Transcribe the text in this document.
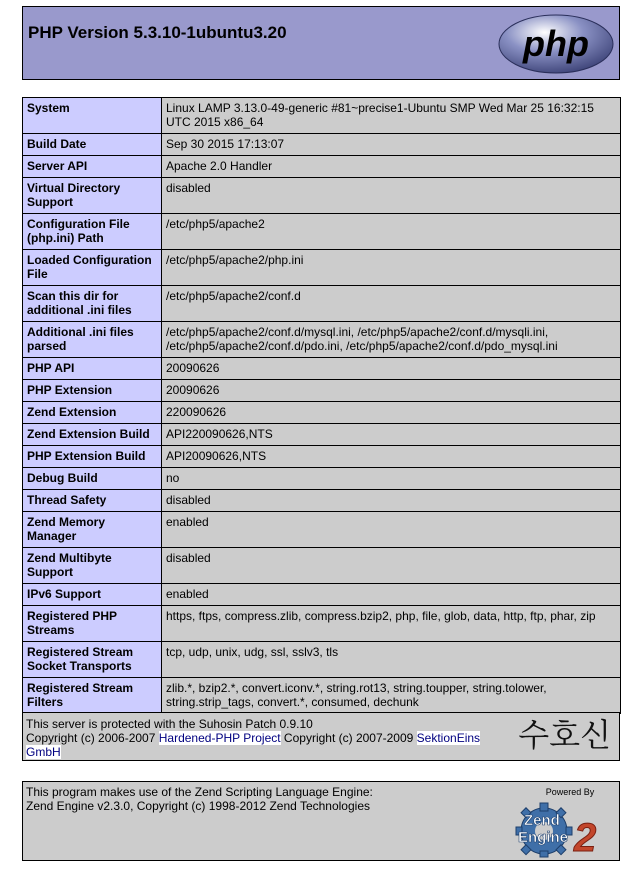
PHP Version 5.3.10-1ubuntu3.20	php
System	Linux LAMP 3.13.0-49-generic #81~precise1-Ubuntu SMP Wed Mar 25 16:32:15 UTC 2015 x86_64
Build Date	Sep 30 2015 17:13:07
Server API	Apache 2.0 Handler
Virtual Directory Support	disabled
Configuration File (php.ini) Path	/etc/php5/apache2
Loaded Configuration File	/etc/php5/apache2/php.ini
Scan this dir for additional .ini files	/etc/php5/apache2/conf.d
Additional .ini files parsed	/etc/php5/apache2/conf.d/mysql.ini, /etc/php5/apache2/conf.d/mysqli.ini, /etc/php5/apache2/conf.d/pdo.ini, /etc/php5/apache2/conf.d/pdo_mysql.ini
PHP API	20090626
PHP Extension	20090626
Zend Extension	220090626
Zend Extension Build	API220090626,NTS
PHP Extension Build	API20090626,NTS
Debug Build	no
Thread Safety	disabled
Zend Memory Manager	enabled
Zend Multibyte Support	disabled
IPv6 Support	enabled
Registered PHP Streams	https, ftps, compress.zlib, compress.bzip2, php, file, glob, data, http, ftp, phar, zip
Registered Stream Socket Transports	tcp, udp, unix, udg, ssl, sslv3, tls
Registered Stream Filters	zlib.*, bzip2.*, convert.iconv.*, string.rot13, string.toupper, string.tolower, string.strip_tags, convert.*, consumed, dechunk
This server is protected with the Suhosin Patch 0.9.10
Copyright (c) 2006-2007 Hardened-PHP Project Copyright (c) 2007-2009 SektionEins GmbH	수호신
This program makes use of the Zend Scripting Language Engine:
Zend Engine v2.3.0, Copyright (c) 1998-2012 Zend Technologies
Powered By
Zend
Engine 2
